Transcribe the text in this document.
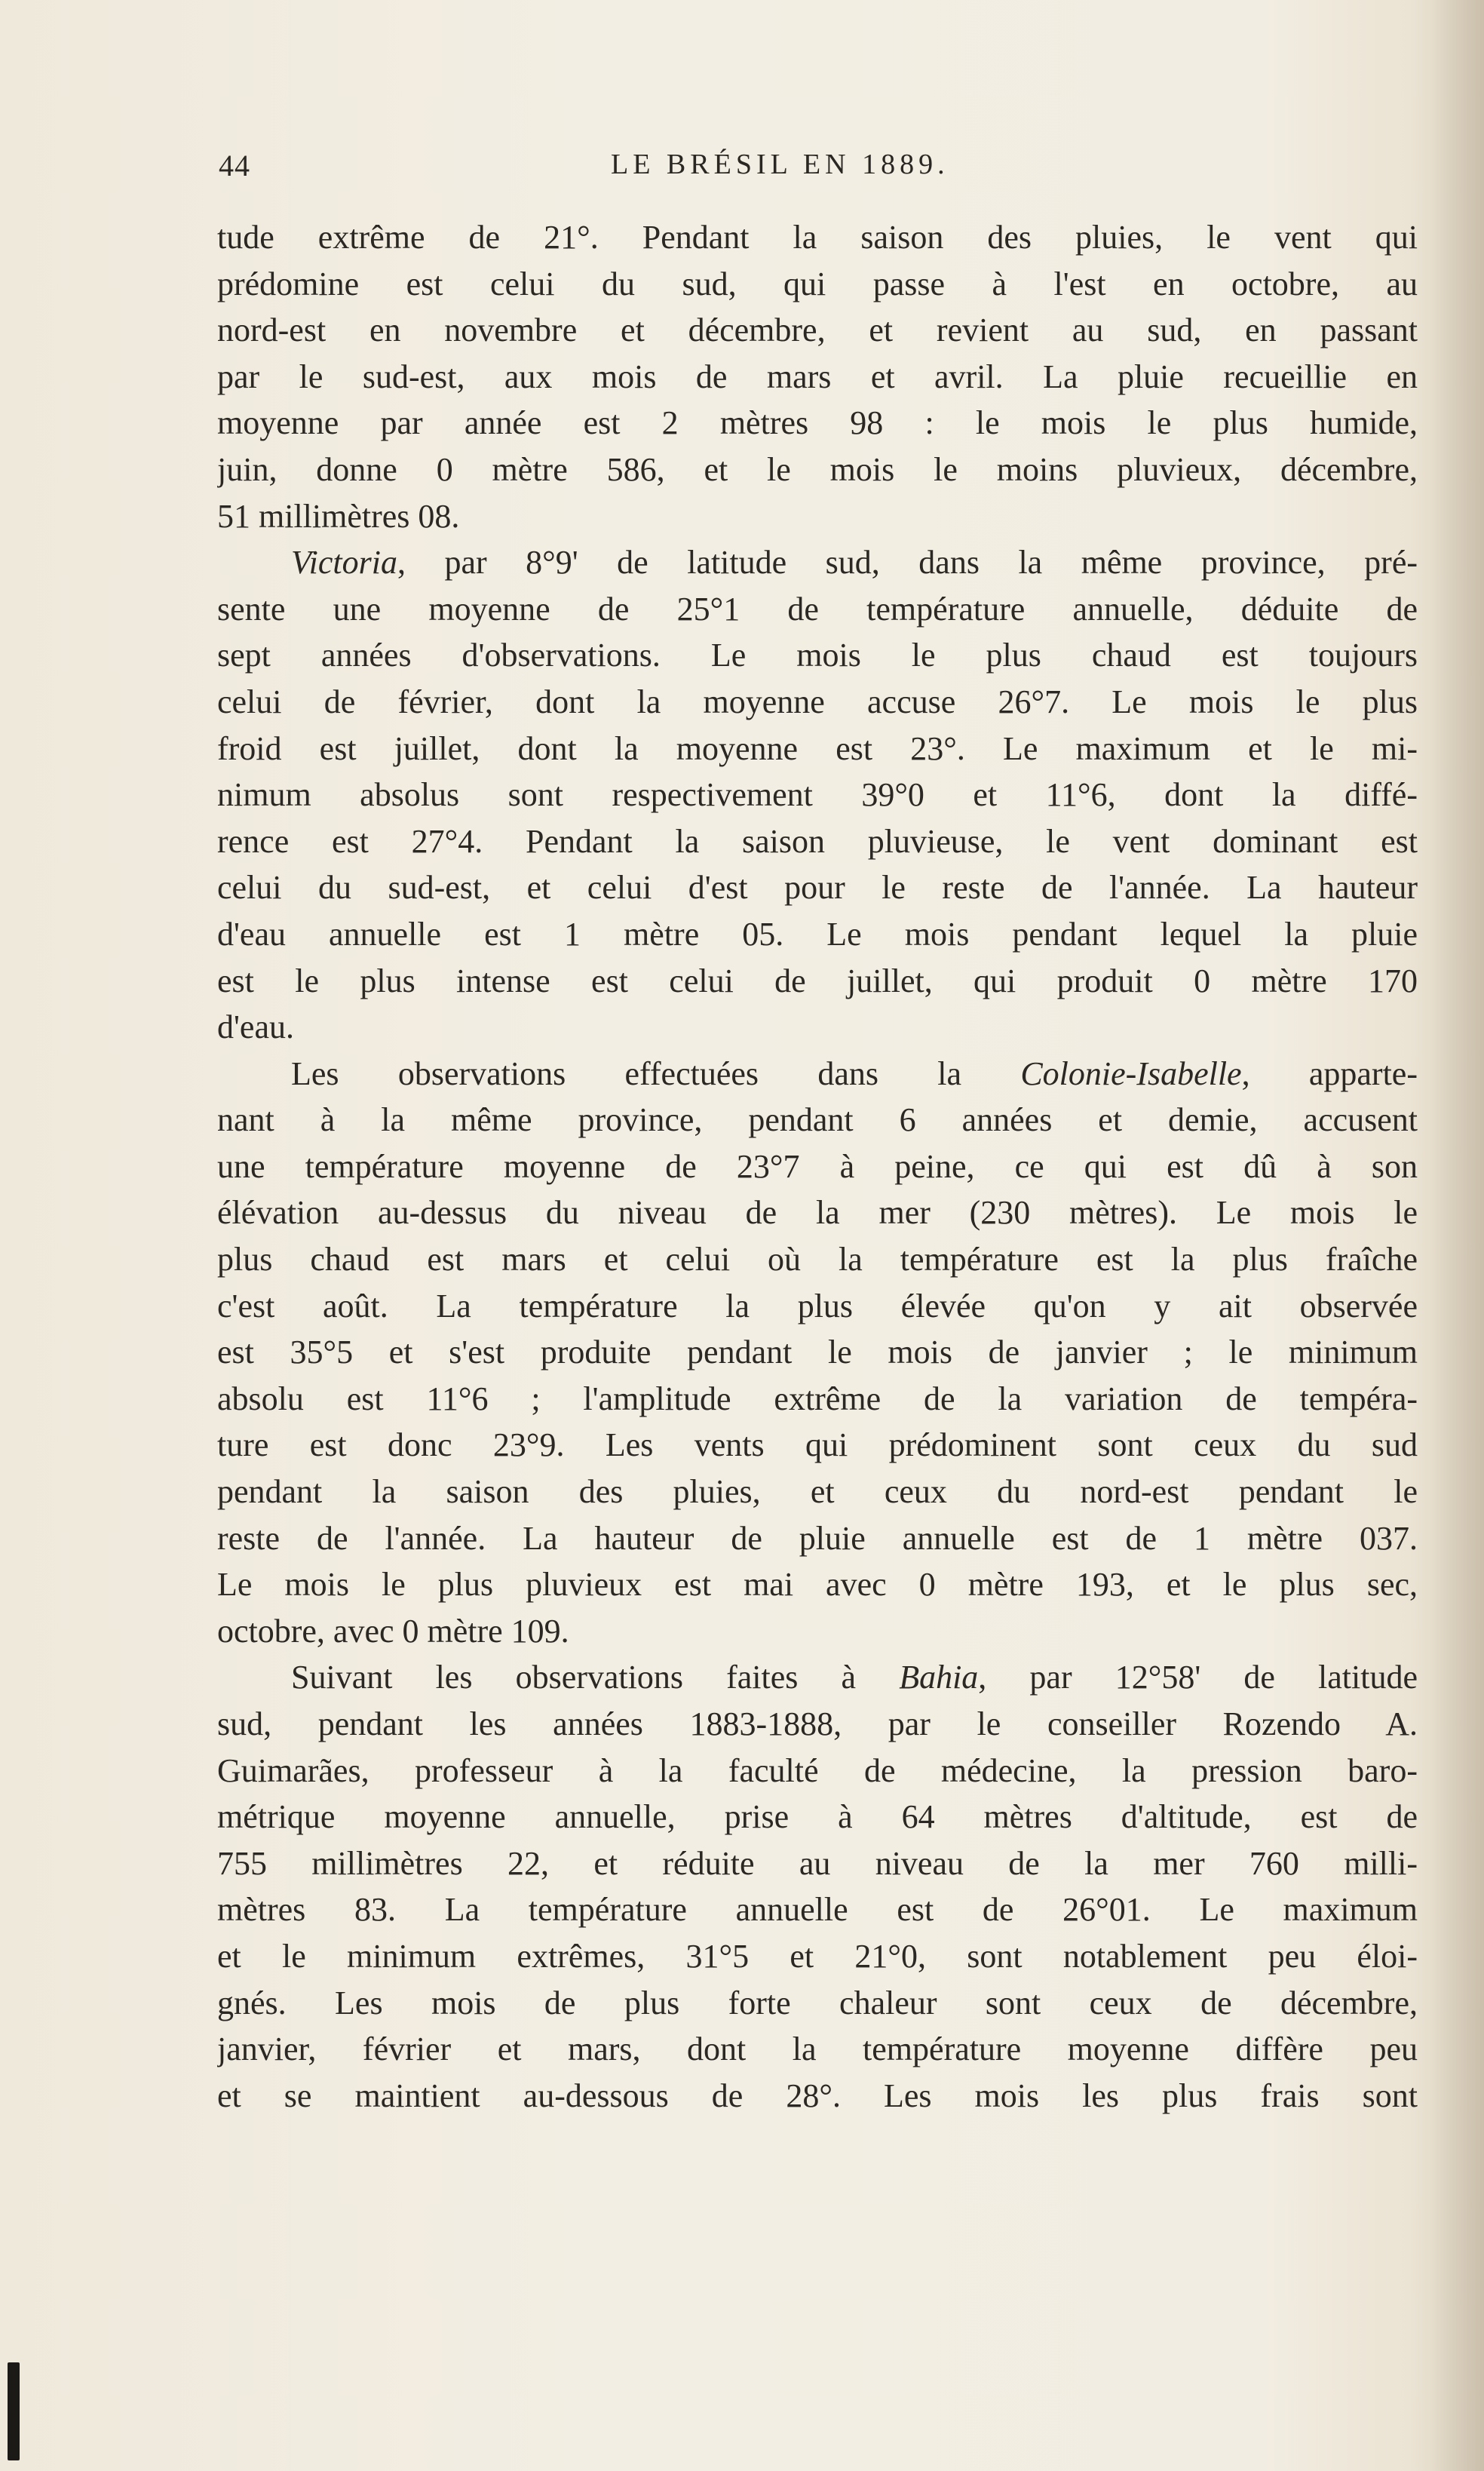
44	LE BRÉSIL EN 1889.
tude extrême de 21°. Pendant la saison des pluies, le vent qui
prédomine est celui du sud, qui passe à l'est en octobre, au
nord-est en novembre et décembre, et revient au sud, en passant
par le sud-est, aux mois de mars et avril. La pluie recueillie en
moyenne par année est 2 mètres 98 : le mois le plus humide,
juin, donne 0 mètre 586, et le mois le moins pluvieux, décembre,
51 millimètres 08.
Victoria, par 8°9' de latitude sud, dans la même province, pré-
sente une moyenne de 25°1 de température annuelle, déduite de
sept années d'observations. Le mois le plus chaud est toujours
celui de février, dont la moyenne accuse 26°7. Le mois le plus
froid est juillet, dont la moyenne est 23°. Le maximum et le mi-
nimum absolus sont respectivement 39°0 et 11°6, dont la diffé-
rence est 27°4. Pendant la saison pluvieuse, le vent dominant est
celui du sud-est, et celui d'est pour le reste de l'année. La hauteur
d'eau annuelle est 1 mètre 05. Le mois pendant lequel la pluie
est le plus intense est celui de juillet, qui produit 0 mètre 170
d'eau.
Les observations effectuées dans la Colonie-Isabelle, apparte-
nant à la même province, pendant 6 années et demie, accusent
une température moyenne de 23°7 à peine, ce qui est dû à son
élévation au-dessus du niveau de la mer (230 mètres). Le mois le
plus chaud est mars et celui où la température est la plus fraîche
c'est août. La température la plus élevée qu'on y ait observée
est 35°5 et s'est produite pendant le mois de janvier ; le minimum
absolu est 11°6 ; l'amplitude extrême de la variation de tempéra-
ture est donc 23°9. Les vents qui prédominent sont ceux du sud
pendant la saison des pluies, et ceux du nord-est pendant le
reste de l'année. La hauteur de pluie annuelle est de 1 mètre 037.
Le mois le plus pluvieux est mai avec 0 mètre 193, et le plus sec,
octobre, avec 0 mètre 109.
Suivant les observations faites à Bahia, par 12°58' de latitude
sud, pendant les années 1883-1888, par le conseiller Rozendo A.
Guimarães, professeur à la faculté de médecine, la pression baro-
métrique moyenne annuelle, prise à 64 mètres d'altitude, est de
755 millimètres 22, et réduite au niveau de la mer 760 milli-
mètres 83. La température annuelle est de 26°01. Le maximum
et le minimum extrêmes, 31°5 et 21°0, sont notablement peu éloi-
gnés. Les mois de plus forte chaleur sont ceux de décembre,
janvier, février et mars, dont la température moyenne diffère peu
et se maintient au-dessous de 28°. Les mois les plus frais sont
